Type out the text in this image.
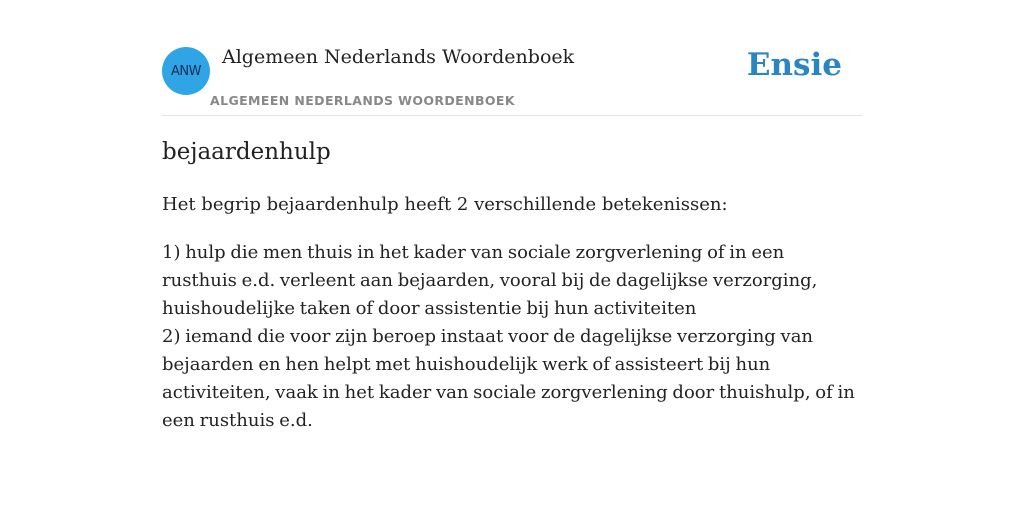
ANW
Algemeen Nederlands Woordenboek
ALGEMEEN NEDERLANDS WOORDENBOEK
Ensie
bejaardenhulp

Het begrip bejaardenhulp heeft 2 verschillende betekenissen:

1) hulp die men thuis in het kader van sociale zorgverlening of in een rusthuis e.d. verleent aan bejaarden, vooral bij de dagelijkse verzorging, huishoudelijke taken of door assistentie bij hun activiteiten

2) iemand die voor zijn beroep instaat voor de dagelijkse verzorging van bejaarden en hen helpt met huishoudelijk werk of assisteert bij hun activiteiten, vaak in het kader van sociale zorgverlening door thuishulp, of in een rusthuis e.d.
